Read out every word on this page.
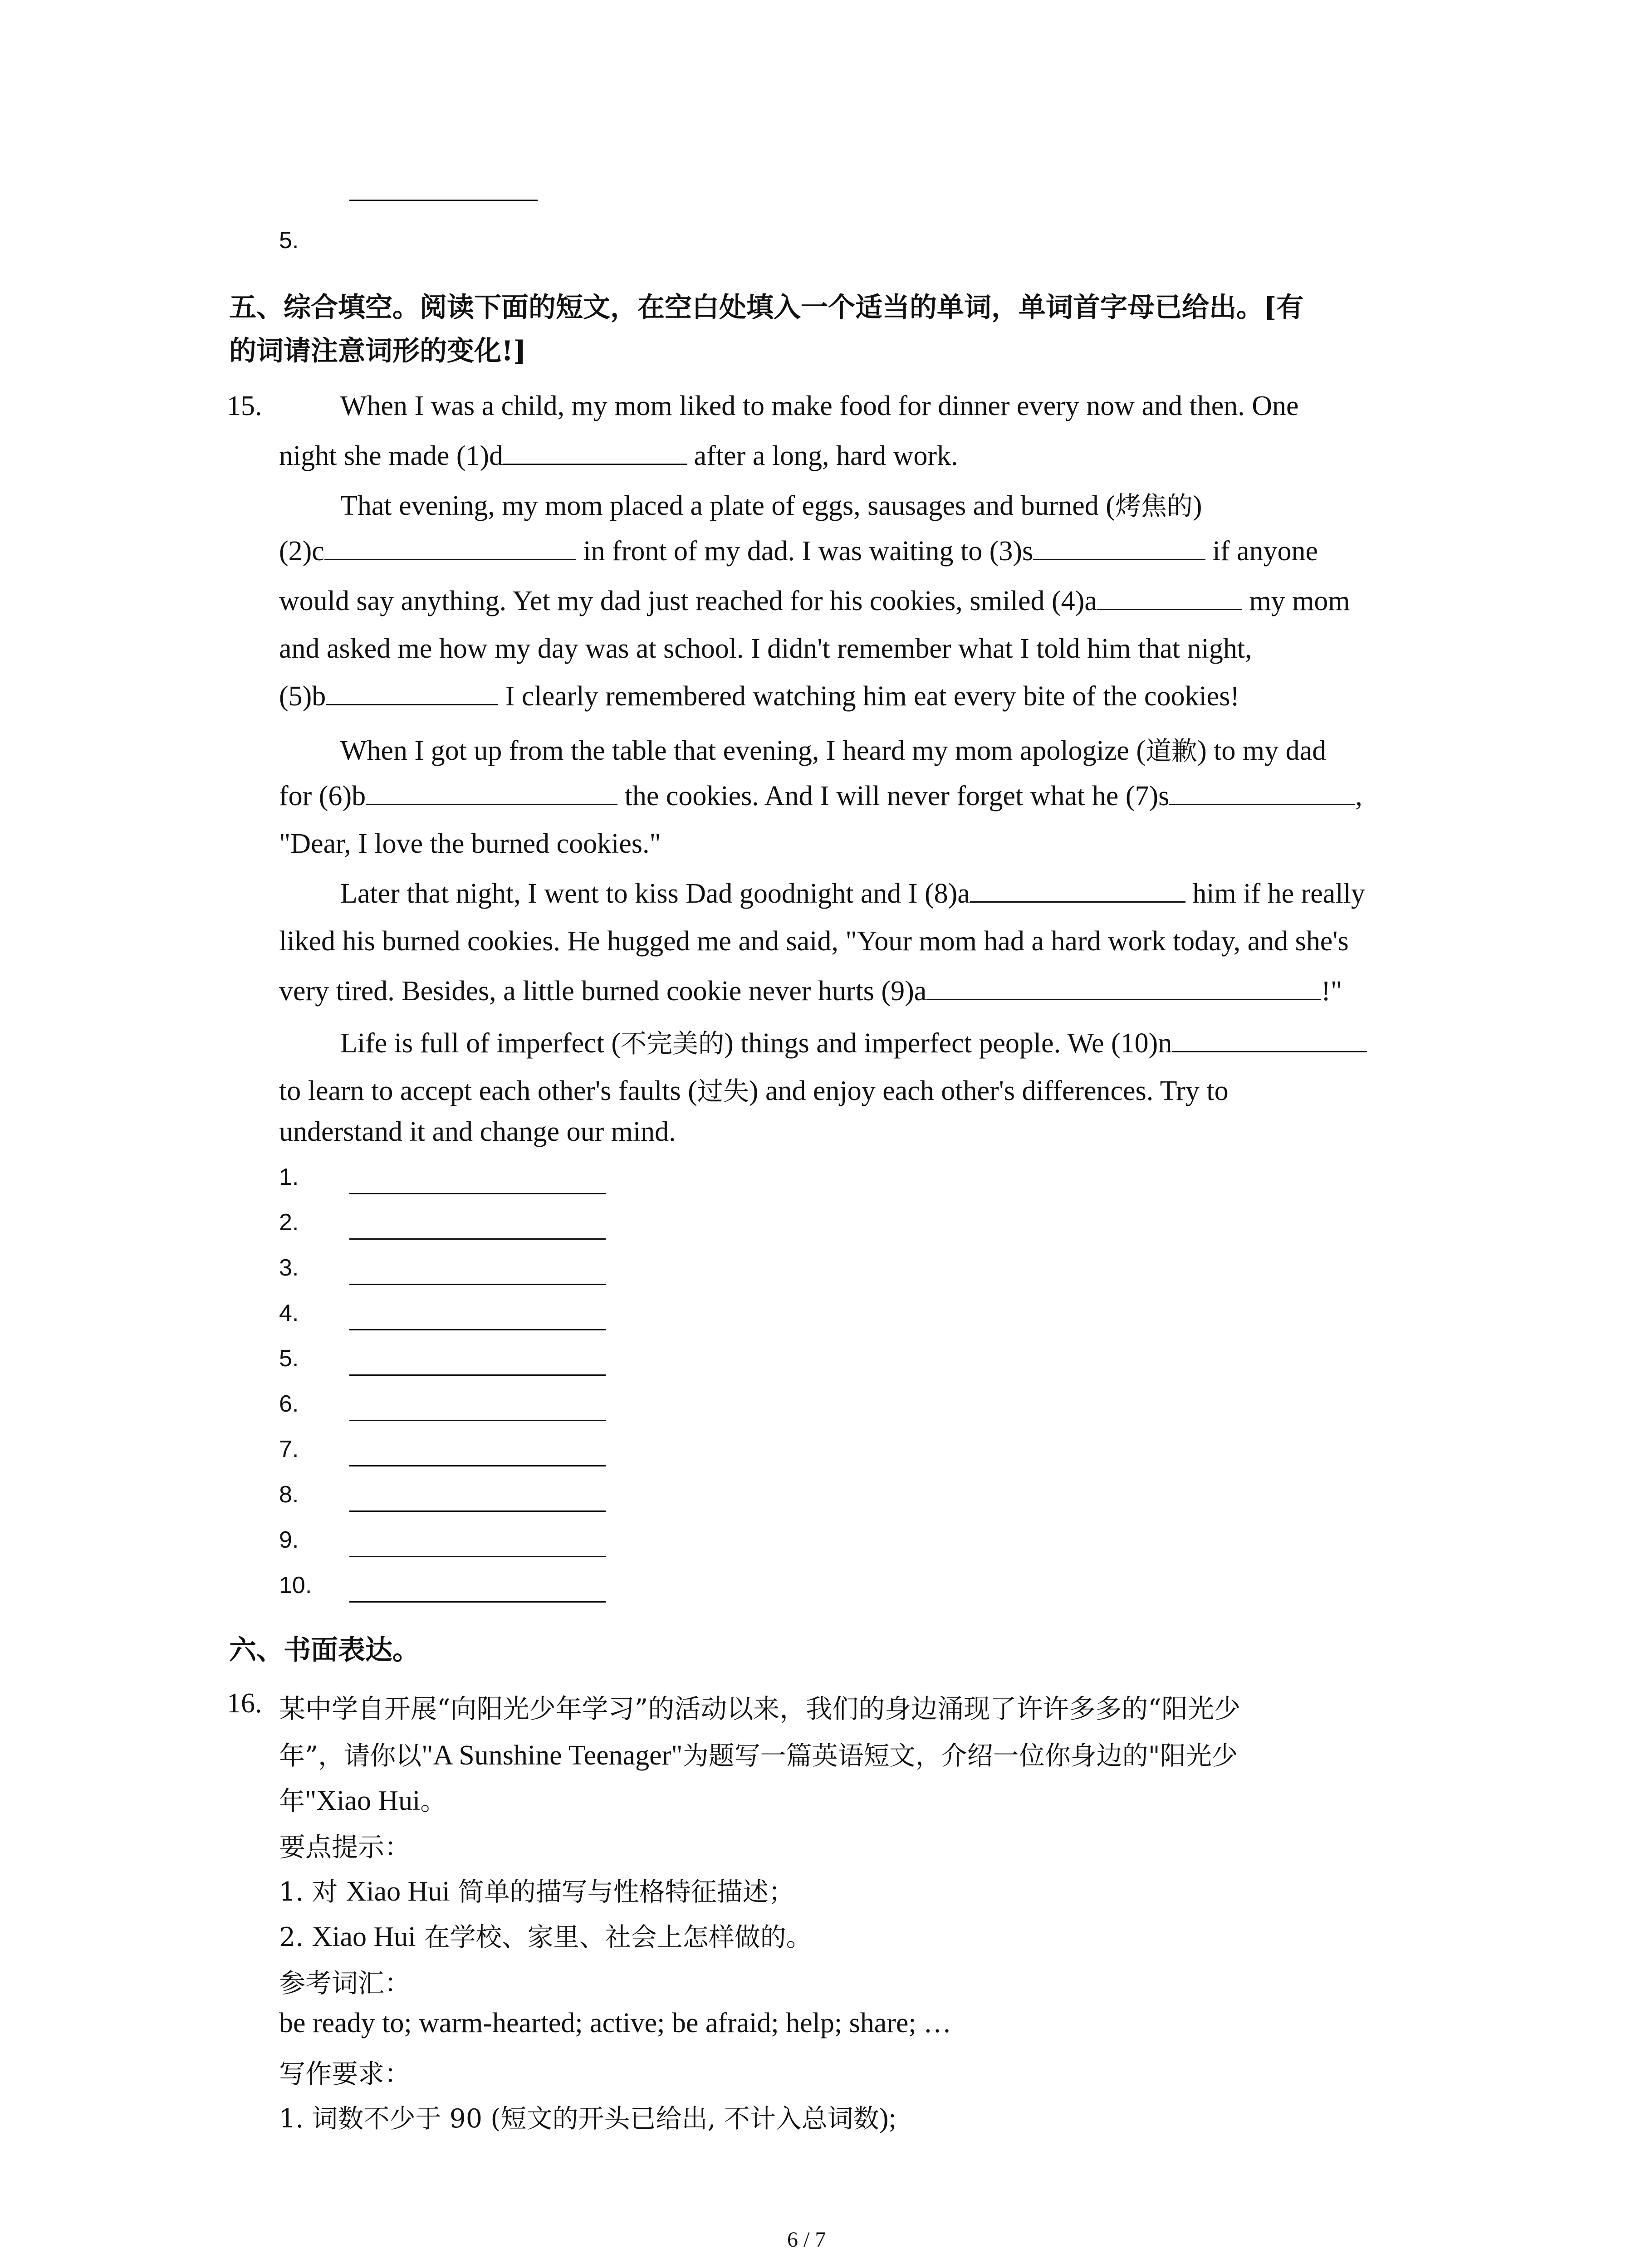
5.
五、综合填空。阅读下面的短文，在空白处填入一个适当的单词，单词首字母已给出。[有
的词请注意词形的变化!]
15.	When I was a child, my mom liked to make food for dinner every now and then. One
night she made (1)d	after a long, hard work.
That evening, my mom placed a plate of eggs, sausages and burned (烤焦的)
(2)c	in front of my dad. I was waiting to (3)s	if anyone
would say anything. Yet my dad just reached for his cookies, smiled (4)a	my mom
and asked me how my day was at school. I didn't remember what I told him that night,
(5)b	I clearly remembered watching him eat every bite of the cookies!
When I got up from the table that evening, I heard my mom apologize (道歉) to my dad
for (6)b	the cookies. And I will never forget what he (7)s	,
"Dear, I love the burned cookies."
Later that night, I went to kiss Dad goodnight and I (8)a	him if he really
liked his burned cookies. He hugged me and said, "Your mom had a hard work today, and she's
very tired. Besides, a little burned cookie never hurts (9)a	!"
Life is full of imperfect (不完美的) things and imperfect people. We (10)n
to learn to accept each other's faults (过失) and enjoy each other's differences. Try to
understand it and change our mind.
1.
2.
3.
4.
5.
6.
7.
8.
9.
10.
六、书面表达。
16. 某中学自开展“向阳光少年学习”的活动以来，我们的身边涌现了许许多多的“阳光少
年”，请你以"A Sunshine Teenager"为题写一篇英语短文，介绍一位你身边的"阳光少
年"Xiao Hui。
要点提示：
1. 对 Xiao Hui 简单的描写与性格特征描述；
2. Xiao Hui 在学校、家里、社会上怎样做的。
参考词汇：
be ready to; warm-hearted; active; be afraid; help; share; …
写作要求：
1. 词数不少于 90 (短文的开头已给出, 不计入总词数);
6 / 7
